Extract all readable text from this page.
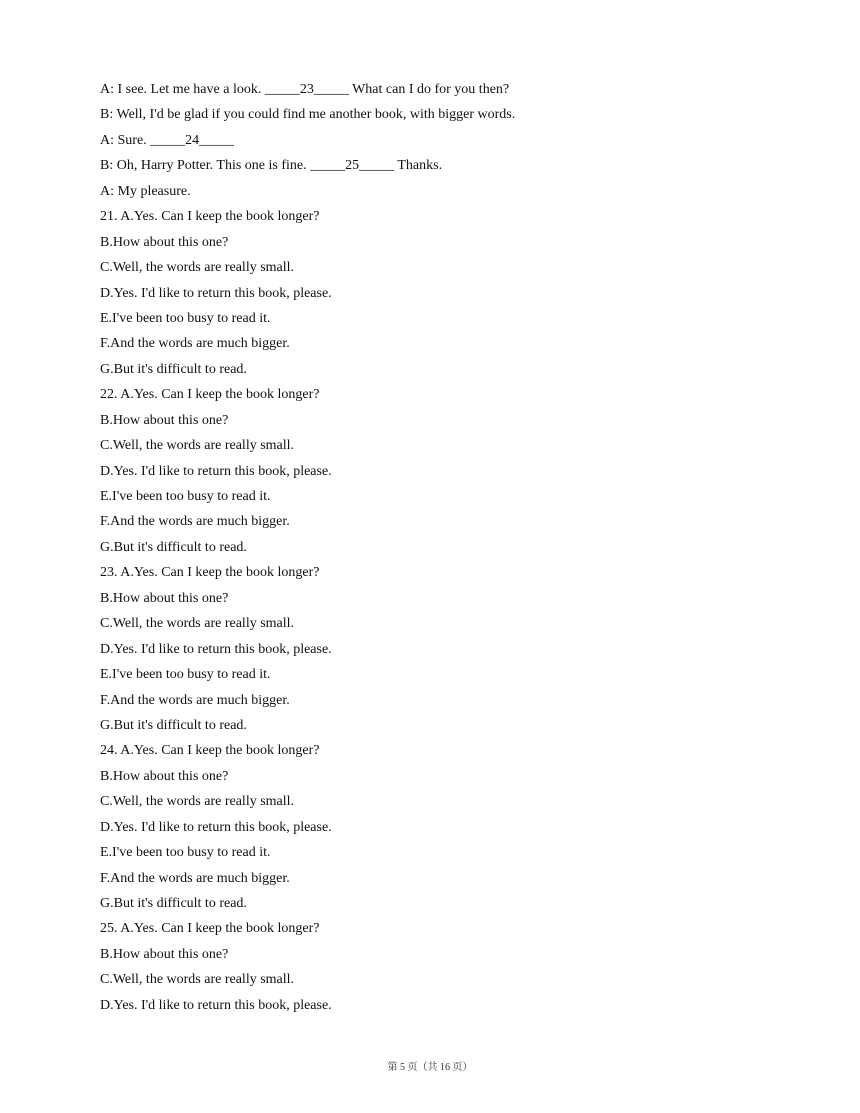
A: I see. Let me have a look. _____23_____ What can I do for you then?
B: Well, I'd be glad if you could find me another book, with bigger words.
A: Sure. _____24_____
B: Oh, Harry Potter. This one is fine. _____25_____ Thanks.
A: My pleasure.
21. A.Yes. Can I keep the book longer?
B.How about this one?
C.Well, the words are really small.
D.Yes. I'd like to return this book, please.
E.I've been too busy to read it.
F.And the words are much bigger.
G.But it's difficult to read.
22. A.Yes. Can I keep the book longer?
B.How about this one?
C.Well, the words are really small.
D.Yes. I'd like to return this book, please.
E.I've been too busy to read it.
F.And the words are much bigger.
G.But it's difficult to read.
23. A.Yes. Can I keep the book longer?
B.How about this one?
C.Well, the words are really small.
D.Yes. I'd like to return this book, please.
E.I've been too busy to read it.
F.And the words are much bigger.
G.But it's difficult to read.
24. A.Yes. Can I keep the book longer?
B.How about this one?
C.Well, the words are really small.
D.Yes. I'd like to return this book, please.
E.I've been too busy to read it.
F.And the words are much bigger.
G.But it's difficult to read.
25. A.Yes. Can I keep the book longer?
B.How about this one?
C.Well, the words are really small.
D.Yes. I'd like to return this book, please.
第 5 页（共 16 页）
